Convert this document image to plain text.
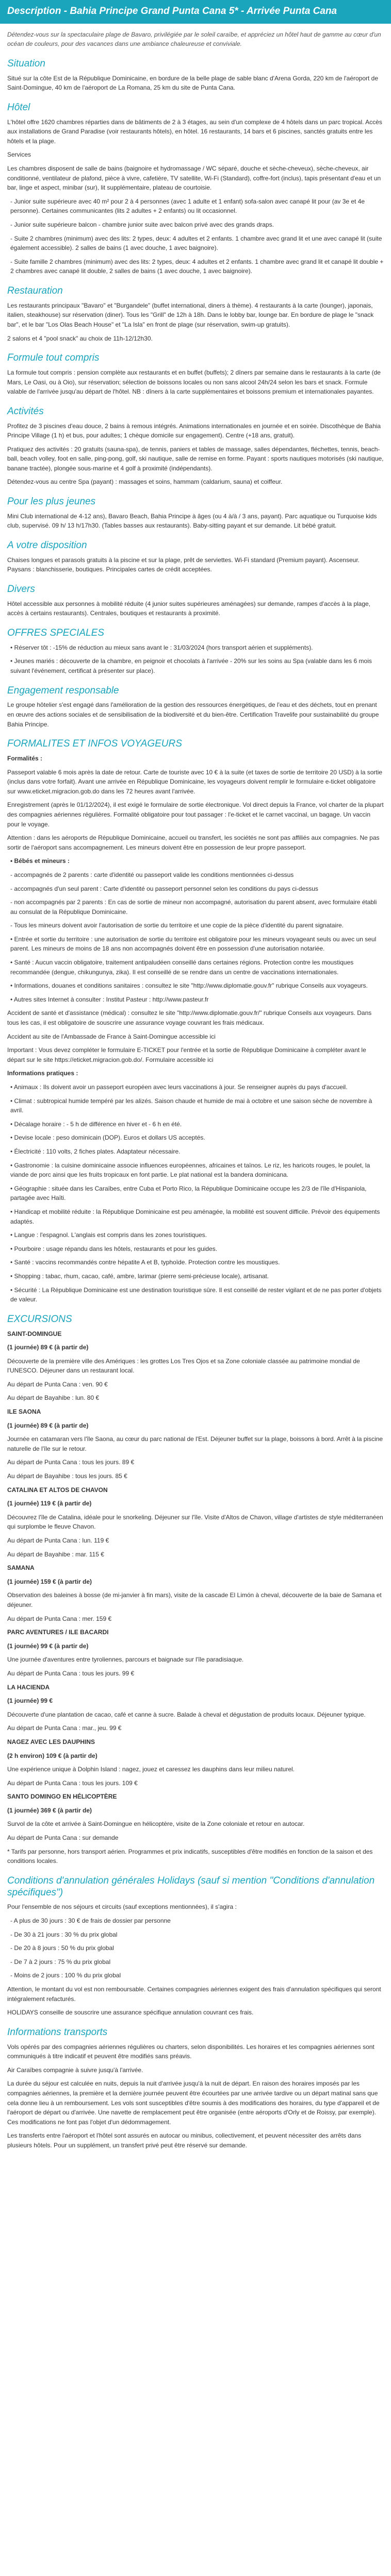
Description - Bahia Principe Grand Punta Cana 5* - Arrivée Punta Cana

Détendez-vous sur la spectaculaire plage de Bavaro, privilégiée par le soleil caraïbe, et appréciez un hôtel haut de gamme au cœur d'un océan de couleurs, pour des vacances dans une ambiance chaleureuse et conviviale.

Situation

Situé sur la côte Est de la République Dominicaine, en bordure de la belle plage de sable blanc d'Arena Gorda, 220 km de l'aéroport de Saint-Domingue, 40 km de l'aéroport de La Romana, 25 km du site de Punta Cana.

Hôtel

L'hôtel offre 1620 chambres réparties dans de bâtiments de 2 à 3 étages, au sein d'un complexe de 4 hôtels dans un parc tropical. Accès aux installations de Grand Paradise (voir restaurants hôtels), en hôtel. 16 restaurants, 14 bars et 6 piscines, sanctés gratuits entre les hôtels et la plage.

Services

Les chambres disposent de salle de bains (baignoire et hydromassage / WC séparé, douche et sèche-cheveux), sèche-cheveux, air conditionné, ventilateur de plafond, pièce à vivre, cafetière, TV satellite, Wi-Fi (Standard), coffre-fort (inclus), tapis présentant d'eau et un bar, linge et aspect, minibar (sur), lit supplémentaire, plateau de courtoisie.

- Junior suite supérieure avec 40 m² pour 2 à 4 personnes (avec 1 adulte et 1 enfant) sofa-salon avec canapé lit pour (av 3e et 4e personne). Certaines communicantes (lits 2 adultes + 2 enfants) ou lit occasionnel.

- Junior suite supérieure balcon - chambre junior suite avec balcon privé avec des grands draps.

- Suite 2 chambres (minimum) avec des lits: 2 types, deux: 4 adultes et 2 enfants. 1 chambre avec grand lit et une avec canapé lit (suite également accessible). 2 salles de bains (1 avec douche, 1 avec baignoire).

- Suite famille 2 chambres (minimum) avec des lits: 2 types, deux: 4 adultes et 2 enfants. 1 chambre avec grand lit et canapé lit double + 2 chambres avec canapé lit double, 2 salles de bains (1 avec douche, 1 avec baignoire).

Restauration

Les restaurants principaux "Bavaro" et "Burgandele" (buffet international, diners à thème). 4 restaurants à la carte (lounger), japonais, italien, steakhouse) sur réservation (diner). Tous les "Grill" de 12h à 18h. Dans le lobby bar, lounge bar. En bordure de plage le "snack bar", et le bar "Los Olas Beach House" et "La Isla" en front de plage (sur réservation, swim-up gratuits).

2 salons et 4 "pool snack" au choix de 11h-12/12h30.

Formule tout compris

La formule tout compris : pension complète aux restaurants et en buffet (buffets); 2 dîners par semaine dans le restaurants à la carte (de Mars, Le Oasi, ou à Oio), sur réservation; sélection de boissons locales ou non sans alcool 24h/24 selon les bars et snack. Formule valable de l'arrivée jusqu'au départ de l'hôtel. NB : dîners à la carte supplémentaires et boissons premium et internationales payantes.

Activités

Profitez de 3 piscines d'eau douce, 2 bains à remous intégrés. Animations internationales en journée et en soirée. Discothèque de Bahia Principe Village (1 h) et bus, pour adultes; 1 chèque domicile sur engagement). Centre (+18 ans, gratuit).

Pratiquez des activités : 20 gratuits (sauna-spa), de tennis, paniers et tables de massage, salles dépendantes, fléchettes, tennis, beach-ball, beach volley, foot en salle, ping-pong, golf, ski nautique, salle de remise en forme. Payant : sports nautiques motorisés (ski nautique, banane tractée), plongée sous-marine et 4 golf à proximité (indépendants).

Détendez-vous au centre Spa (payant) : massages et soins, hammam (caldarium, sauna) et coiffeur.

Pour les plus jeunes

Mini Club international de 4-12 ans), Bavaro Beach, Bahia Principe à âges (ou 4 à/à / 3 ans, payant). Parc aquatique ou Turquoise kids club, supervisé. 09 h/ 13 h/17h30. (Tables basses aux restaurants). Baby-sitting payant et sur demande. Lit bébé gratuit.

A votre disposition

Chaises longues et parasols gratuits à la piscine et sur la plage, prêt de serviettes. Wi-Fi standard (Premium payant). Ascenseur. Paysans : blanchisserie, boutiques. Principales cartes de crédit acceptées.

Divers

Hôtel accessible aux personnes à mobilité réduite (4 junior suites supérieures aménagées) sur demande, rampes d'accès à la plage, accès à certains restaurants). Centrales, boutiques et restaurants à proximité.

OFFRES SPECIALES

• Réserver tôt : -15% de réduction au mieux sans avant le : 31/03/2024 (hors transport aérien et suppléments).

• Jeunes mariés : découverte de la chambre, en peignoir et chocolats à l'arrivée - 20% sur les soins au Spa (valable dans les 6 mois suivant l'événement, certificat à présenter sur place).

Engagement responsable

Le groupe hôtelier s'est engagé dans l'amélioration de la gestion des ressources énergétiques, de l'eau et des déchets, tout en prenant en œuvre des actions sociales et de sensibilisation de la biodiversité et du bien-être. Certification Travelife pour sustainabilité du groupe Bahia Principe.

FORMALITES ET INFOS VOYAGEURS

Formalités :

Passeport valable 6 mois après la date de retour. Carte de touriste avec 10 € à la suite (et taxes de sortie de territoire 20 USD) à la sortie (inclus dans votre forfait). Avant une arrivée en République Dominicaine, les voyageurs doivent remplir le formulaire e-ticket obligatoire sur www.eticket.migracion.gob.do dans les 72 heures avant l'arrivée.

Enregistrement (après le 01/12/2024), il est exigé le formulaire de sortie électronique. Vol direct depuis la France, vol charter de la plupart des compagnies aériennes régulières. Formalité obligatoire pour tout passager : l'e-ticket et le carnet vaccinal, un bagage. Un vaccin pour le voyage.

Attention : dans les aéroports de République Dominicaine, accueil ou transfert, les sociétés ne sont pas affiliés aux compagnies. Ne pas sortir de l'aéroport sans accompagnement. Les mineurs doivent être en possession de leur propre passeport.

• Bébés et mineurs :

- accompagnés de 2 parents : carte d'identité ou passeport valide les conditions mentionnées ci-dessus

- accompagnés d'un seul parent : Carte d'identité ou passeport personnel selon les conditions du pays ci-dessus

- non accompagnés par 2 parents : En cas de sortie de mineur non accompagné, autorisation du parent absent, avec formulaire établi au consulat de la République Dominicaine.

- Tous les mineurs doivent avoir l'autorisation de sortie du territoire et une copie de la pièce d'identité du parent signataire.

• Entrée et sortie du territoire : une autorisation de sortie du territoire est obligatoire pour les mineurs voyageant seuls ou avec un seul parent. Les mineurs de moins de 18 ans non accompagnés doivent être en possession d'une autorisation notariée.

• Santé : Aucun vaccin obligatoire, traitement antipaludéen conseillé dans certaines régions. Protection contre les moustiques recommandée (dengue, chikungunya, zika). Il est conseillé de se rendre dans un centre de vaccinations internationales.

• Informations, douanes et conditions sanitaires : consultez le site "http://www.diplomatie.gouv.fr" rubrique Conseils aux voyageurs.

• Autres sites Internet à consulter : Institut Pasteur : http://www.pasteur.fr

Accident de santé et d'assistance (médical) : consultez le site "http://www.diplomatie.gouv.fr/" rubrique Conseils aux voyageurs. Dans tous les cas, il est obligatoire de souscrire une assurance voyage couvrant les frais médicaux.

Accident au site de l'Ambassade de France à Saint-Domingue accessible ici

Important : Vous devez compléter le formulaire E-TICKET pour l'entrée et la sortie de République Dominicaine à compléter avant le départ sur le site https://eticket.migracion.gob.do/. Formulaire accessible ici

Informations pratiques :

• Animaux : Ils doivent avoir un passeport européen avec leurs vaccinations à jour. Se renseigner auprès du pays d'accueil.

• Climat : subtropical humide tempéré par les alizés. Saison chaude et humide de mai à octobre et une saison sèche de novembre à avril.

• Décalage horaire : - 5 h de différence en hiver et - 6 h en été.

• Devise locale : peso dominicain (DOP). Euros et dollars US acceptés.

• Électricité : 110 volts, 2 fiches plates. Adaptateur nécessaire.

• Gastronomie : la cuisine dominicaine associe influences européennes, africaines et taïnos. Le riz, les haricots rouges, le poulet, la viande de porc ainsi que les fruits tropicaux en font partie. Le plat national est la bandera dominicana.

• Géographie : située dans les Caraïbes, entre Cuba et Porto Rico, la République Dominicaine occupe les 2/3 de l'île d'Hispaniola, partagée avec Haïti.

• Handicap et mobilité réduite : la République Dominicaine est peu aménagée, la mobilité est souvent difficile. Prévoir des équipements adaptés.

• Langue : l'espagnol. L'anglais est compris dans les zones touristiques.

• Pourboire : usage répandu dans les hôtels, restaurants et pour les guides.

• Santé : vaccins recommandés contre hépatite A et B, typhoïde. Protection contre les moustiques.

• Shopping : tabac, rhum, cacao, café, ambre, larimar (pierre semi-précieuse locale), artisanat.

• Sécurité : La République Dominicaine est une destination touristique sûre. Il est conseillé de rester vigilant et de ne pas porter d'objets de valeur.

EXCURSIONS

SAINT-DOMINGUE

(1 journée) 89 € (à partir de)

Découverte de la première ville des Amériques : les grottes Los Tres Ojos et sa Zone coloniale classée au patrimoine mondial de l'UNESCO. Déjeuner dans un restaurant local.

Au départ de Punta Cana : ven. 90 €

Au départ de Bayahibe : lun. 80 €

ILE SAONA

(1 journée) 89 € (à partir de)

Journée en catamaran vers l'île Saona, au cœur du parc national de l'Est. Déjeuner buffet sur la plage, boissons à bord. Arrêt à la piscine naturelle de l'île sur le retour.

Au départ de Punta Cana : tous les jours. 89 €

Au départ de Bayahibe : tous les jours. 85 €

CATALINA ET ALTOS DE CHAVON

(1 journée) 119 € (à partir de)

Découvrez l'île de Catalina, idéale pour le snorkeling. Déjeuner sur l'île. Visite d'Altos de Chavon, village d'artistes de style méditerranéen qui surplombe le fleuve Chavon.

Au départ de Punta Cana : lun. 119 €

Au départ de Bayahibe : mar. 115 €

SAMANA

(1 journée) 159 € (à partir de)

Observation des baleines à bosse (de mi-janvier à fin mars), visite de la cascade El Limón à cheval, découverte de la baie de Samana et déjeuner.

Au départ de Punta Cana : mer. 159 €

PARC AVENTURES / ILE BACARDI

(1 journée) 99 € (à partir de)

Une journée d'aventures entre tyroliennes, parcours et baignade sur l'île paradisiaque.

Au départ de Punta Cana : tous les jours. 99 €

LA HACIENDA

(1 journée) 99 €

Découverte d'une plantation de cacao, café et canne à sucre. Balade à cheval et dégustation de produits locaux. Déjeuner typique.

Au départ de Punta Cana : mar., jeu. 99 €

NAGEZ AVEC LES DAUPHINS

(2 h environ) 109 € (à partir de)

Une expérience unique à Dolphin Island : nagez, jouez et caressez les dauphins dans leur milieu naturel.

Au départ de Punta Cana : tous les jours. 109 €

SANTO DOMINGO EN HÉLICOPTÈRE

(1 journée) 369 € (à partir de)

Survol de la côte et arrivée à Saint-Domingue en hélicoptère, visite de la Zone coloniale et retour en autocar.

Au départ de Punta Cana : sur demande

* Tarifs par personne, hors transport aérien. Programmes et prix indicatifs, susceptibles d'être modifiés en fonction de la saison et des conditions locales.

Conditions d'annulation générales Holidays (sauf si mention "Conditions d'annulation spécifiques")

Pour l'ensemble de nos séjours et circuits (sauf exceptions mentionnées), il s'agira :

- A plus de 30 jours : 30 € de frais de dossier par personne

- De 30 à 21 jours : 30 % du prix global

- De 20 à 8 jours : 50 % du prix global

- De 7 à 2 jours : 75 % du prix global

- Moins de 2 jours : 100 % du prix global

Attention, le montant du vol est non remboursable. Certaines compagnies aériennes exigent des frais d'annulation spécifiques qui seront intégralement refacturés.

HOLIDAYS conseille de souscrire une assurance spécifique annulation couvrant ces frais.

Informations transports

Vols opérés par des compagnies aériennes régulières ou charters, selon disponibilités. Les horaires et les compagnies aériennes sont communiqués à titre indicatif et peuvent être modifiés sans préavis.

Air Caraïbes compagnie à suivre jusqu'à l'arrivée.

La durée du séjour est calculée en nuits, depuis la nuit d'arrivée jusqu'à la nuit de départ. En raison des horaires imposés par les compagnies aériennes, la première et la dernière journée peuvent être écourtées par une arrivée tardive ou un départ matinal sans que cela donne lieu à un remboursement. Les vols sont susceptibles d'être soumis à des modifications des horaires, du type d'appareil et de l'aéroport de départ ou d'arrivée. Une navette de remplacement peut être organisée (entre aéroports d'Orly et de Roissy, par exemple). Ces modifications ne font pas l'objet d'un dédommagement.

Les transferts entre l'aéroport et l'hôtel sont assurés en autocar ou minibus, collectivement, et peuvent nécessiter des arrêts dans plusieurs hôtels. Pour un supplément, un transfert privé peut être réservé sur demande.
